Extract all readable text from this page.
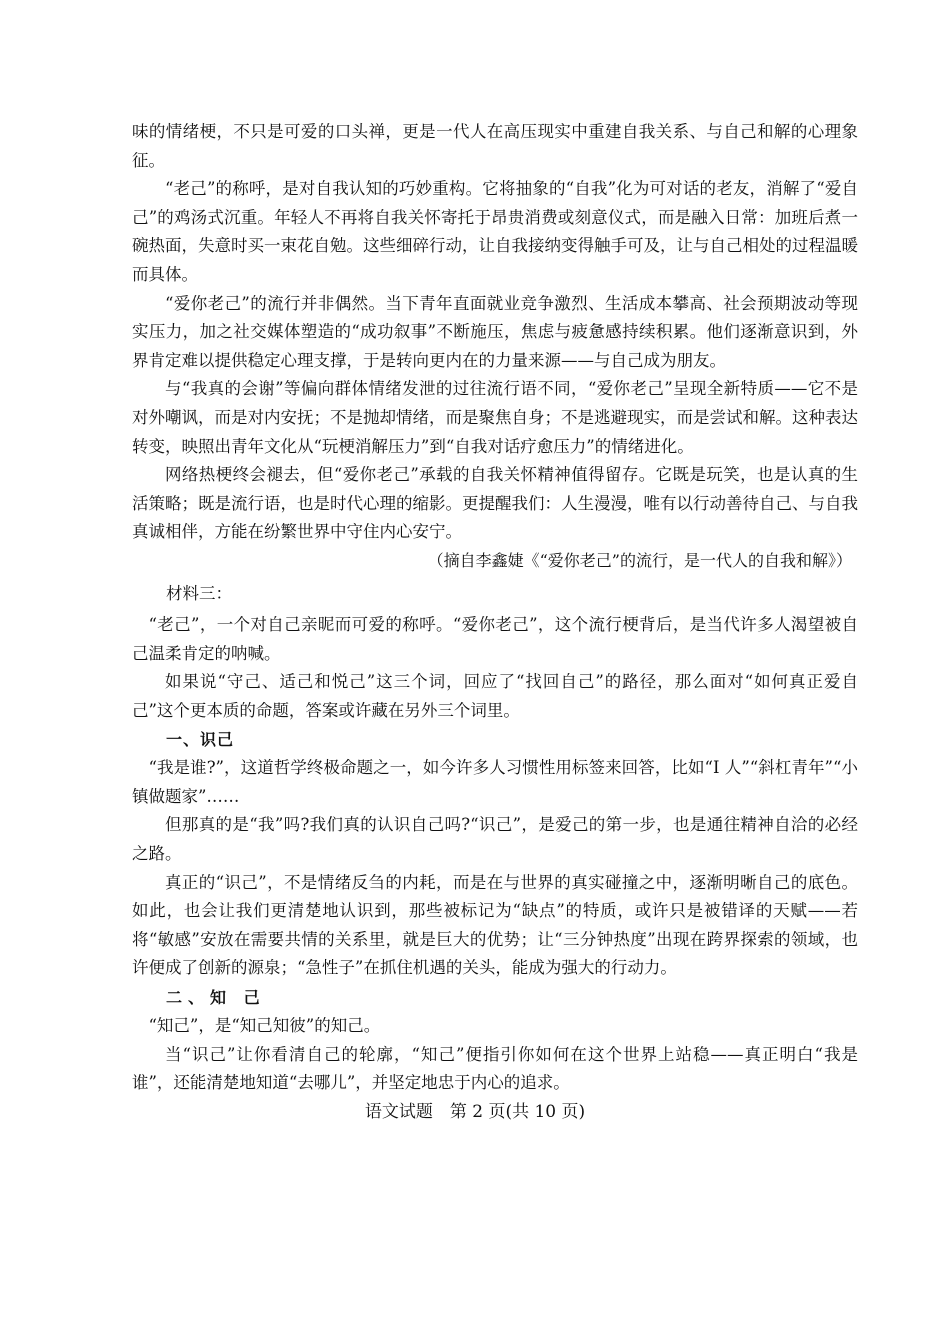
味的情绪梗，不只是可爱的口头禅，更是一代人在高压现实中重建自我关系、与自己和解的心理象征。

“老己”的称呼，是对自我认知的巧妙重构。它将抽象的“自我”化为可对话的老友，消解了“爱自己”的鸡汤式沉重。年轻人不再将自我关怀寄托于昂贵消费或刻意仪式，而是融入日常：加班后煮一碗热面，失意时买一束花自勉。这些细碎行动，让自我接纳变得触手可及，让与自己相处的过程温暖而具体。

“爱你老己”的流行并非偶然。当下青年直面就业竞争激烈、生活成本攀高、社会预期波动等现实压力，加之社交媒体塑造的“成功叙事”不断施压，焦虑与疲惫感持续积累。他们逐渐意识到，外界肯定难以提供稳定心理支撑，于是转向更内在的力量来源——与自己成为朋友。

与“我真的会谢”等偏向群体情绪发泄的过往流行语不同，“爱你老己”呈现全新特质——它不是对外嘲讽，而是对内安抚；不是抛却情绪，而是聚焦自身；不是逃避现实，而是尝试和解。这种表达转变，映照出青年文化从“玩梗消解压力”到“自我对话疗愈压力”的情绪进化。

网络热梗终会褪去，但“爱你老己”承载的自我关怀精神值得留存。它既是玩笑，也是认真的生活策略；既是流行语，也是时代心理的缩影。更提醒我们：人生漫漫，唯有以行动善待自己、与自我真诚相伴，方能在纷繁世界中守住内心安宁。

（摘自李鑫婕《“爱你老己”的流行，是一代人的自我和解》）

材料三：

“老己”，一个对自己亲昵而可爱的称呼。“爱你老己”，这个流行梗背后，是当代许多人渴望被自己温柔肯定的呐喊。

如果说“守己、适己和悦己”这三个词，回应了“找回自己”的路径，那么面对“如何真正爱自己”这个更本质的命题，答案或许藏在另外三个词里。

一、识己

“我是谁?”，这道哲学终极命题之一，如今许多人习惯性用标签来回答，比如“I 人”“斜杠青年”“小镇做题家”……

但那真的是“我”吗?我们真的认识自己吗?“识己”，是爱己的第一步，也是通往精神自洽的必经之路。

真正的“识己”，不是情绪反刍的内耗，而是在与世界的真实碰撞之中，逐渐明晰自己的底色。如此，也会让我们更清楚地认识到，那些被标记为“缺点”的特质，或许只是被错译的天赋——若将“敏感”安放在需要共情的关系里，就是巨大的优势；让“三分钟热度”出现在跨界探索的领域，也许便成了创新的源泉；“急性子”在抓住机遇的关头，能成为强大的行动力。

二、知 己

“知己”，是“知己知彼”的知己。

当“识己”让你看清自己的轮廓，“知己”便指引你如何在这个世界上站稳——真正明白“我是谁”，还能清楚地知道“去哪儿”，并坚定地忠于内心的追求。

语文试题　第 2 页(共 10 页)
